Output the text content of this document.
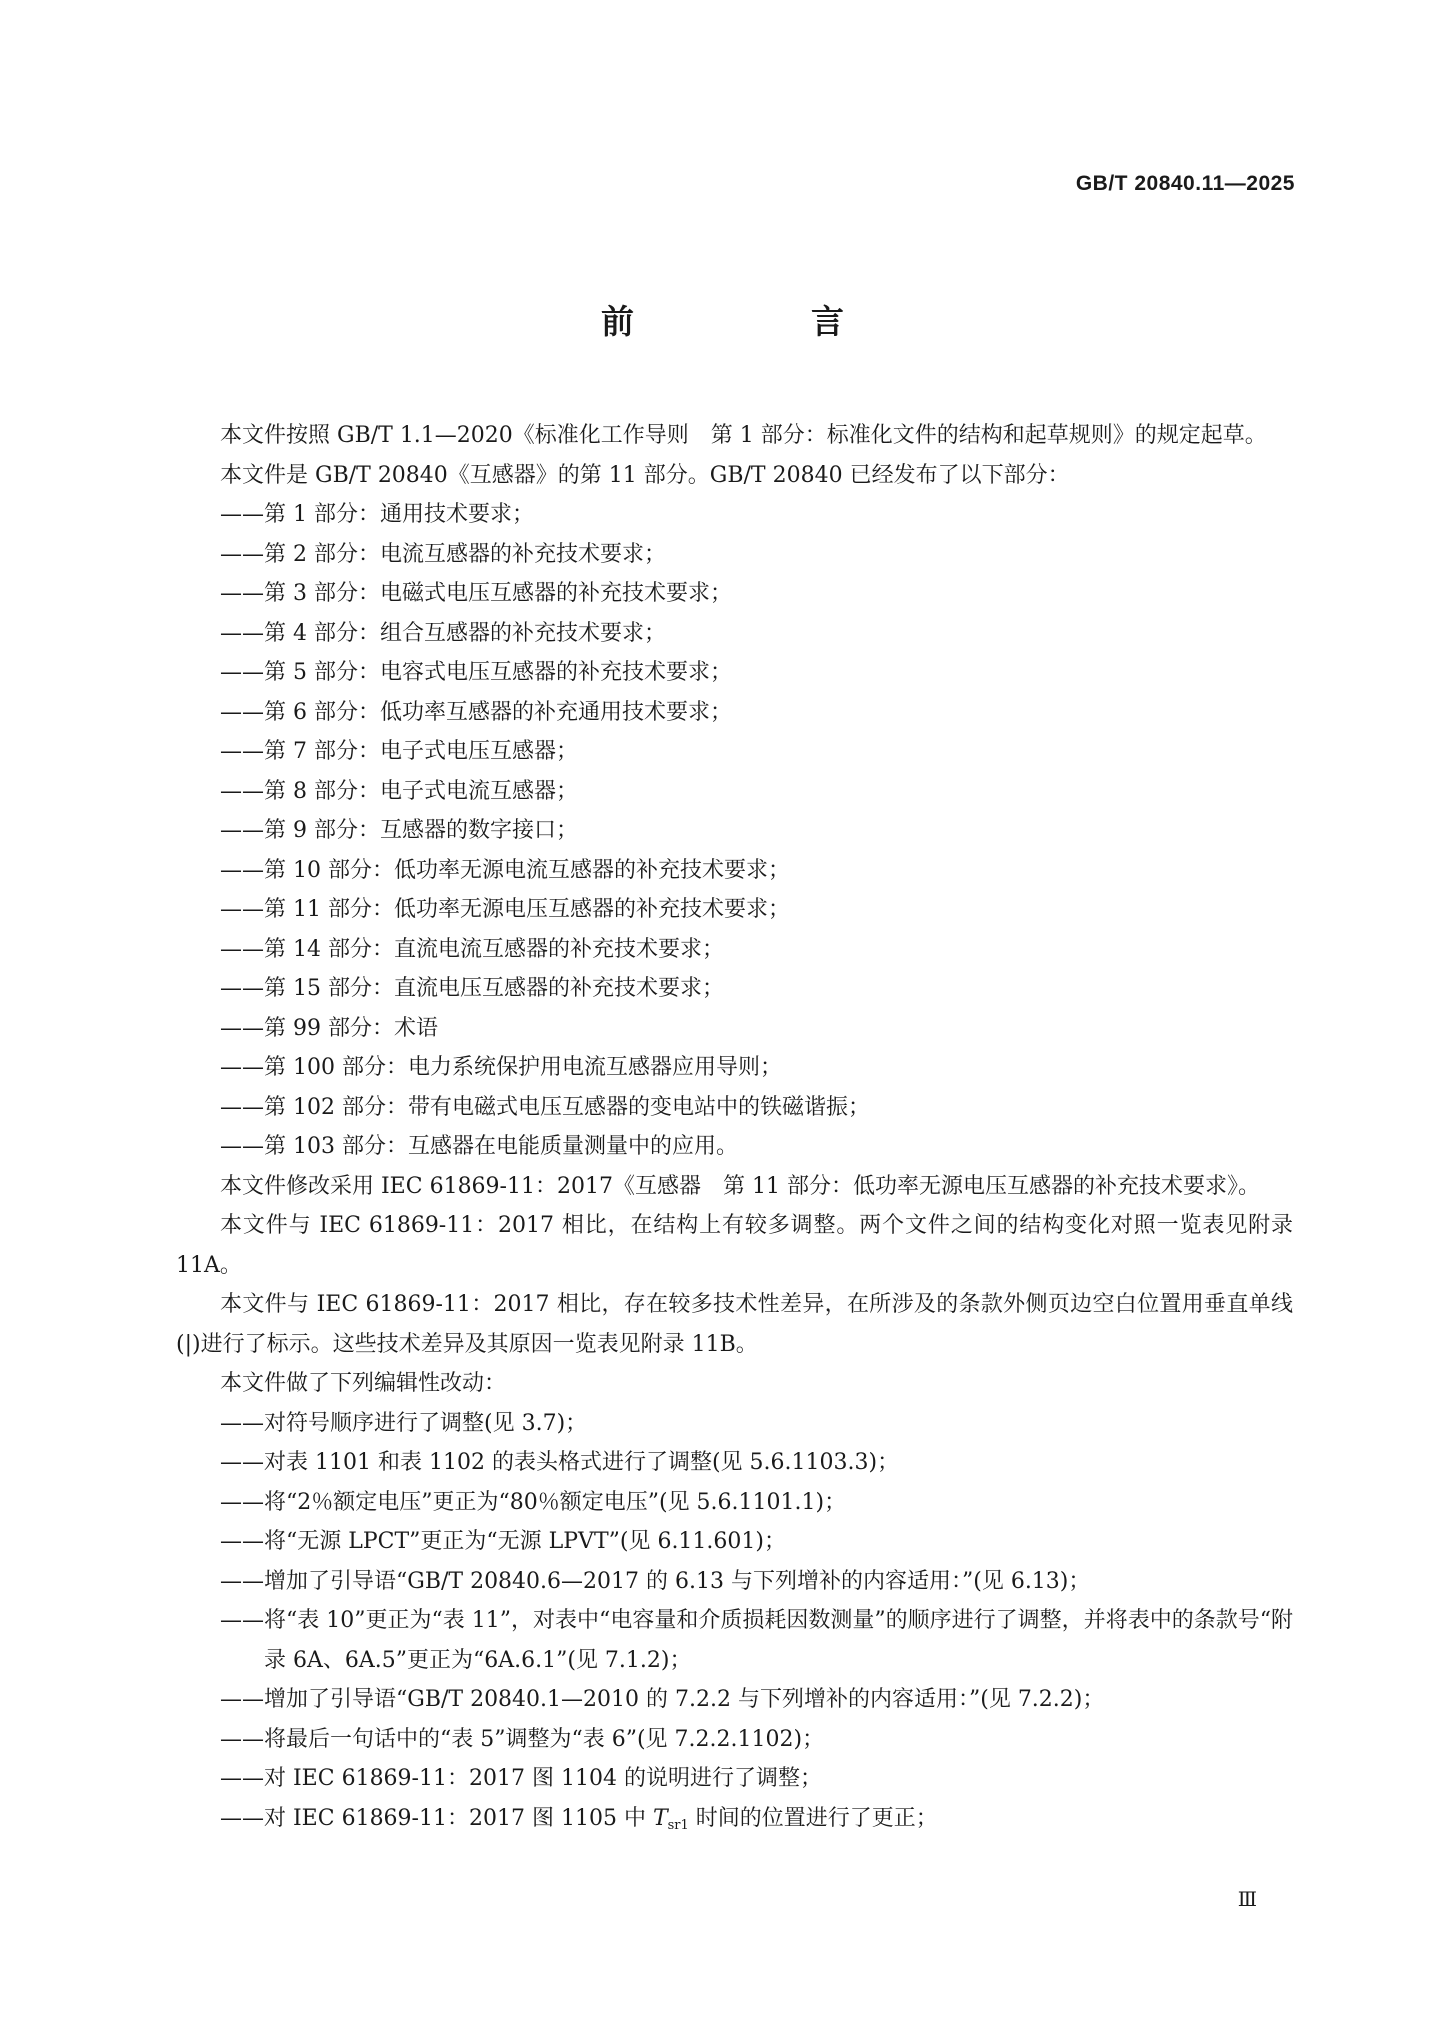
GB/T 20840.11—2025
前　言

本文件按照 GB/T 1.1—2020《标准化工作导则　第 1 部分：标准化文件的结构和起草规则》的规定起草。

本文件是 GB/T 20840《互感器》的第 11 部分。GB/T 20840 已经发布了以下部分：

——第 1 部分：通用技术要求；

——第 2 部分：电流互感器的补充技术要求；

——第 3 部分：电磁式电压互感器的补充技术要求；

——第 4 部分：组合互感器的补充技术要求；

——第 5 部分：电容式电压互感器的补充技术要求；

——第 6 部分：低功率互感器的补充通用技术要求；

——第 7 部分：电子式电压互感器；

——第 8 部分：电子式电流互感器；

——第 9 部分：互感器的数字接口；

——第 10 部分：低功率无源电流互感器的补充技术要求；

——第 11 部分：低功率无源电压互感器的补充技术要求；

——第 14 部分：直流电流互感器的补充技术要求；

——第 15 部分：直流电压互感器的补充技术要求；

——第 99 部分：术语

——第 100 部分：电力系统保护用电流互感器应用导则；

——第 102 部分：带有电磁式电压互感器的变电站中的铁磁谐振；

——第 103 部分：互感器在电能质量测量中的应用。

本文件修改采用 IEC 61869-11：2017《互感器　第 11 部分：低功率无源电压互感器的补充技术要求》。

本文件与 IEC 61869-11：2017 相比，在结构上有较多调整。两个文件之间的结构变化对照一览表见附录 11A。

本文件与 IEC 61869-11：2017 相比，存在较多技术性差异，在所涉及的条款外侧页边空白位置用垂直单线(|)进行了标示。这些技术差异及其原因一览表见附录 11B。

本文件做了下列编辑性改动：

——对符号顺序进行了调整(见 3.7)；

——对表 1101 和表 1102 的表头格式进行了调整(见 5.6.1103.3)；

——将“2％额定电压”更正为“80％额定电压”(见 5.6.1101.1)；

——将“无源 LPCT”更正为“无源 LPVT”(见 6.11.601)；

——增加了引导语“GB/T 20840.6—2017 的 6.13 与下列增补的内容适用：”(见 6.13)；

——将“表 10”更正为“表 11”，对表中“电容量和介质损耗因数测量”的顺序进行了调整，并将表中的条款号“附录 6A、6A.5”更正为“6A.6.1”(见 7.1.2)；

——增加了引导语“GB/T 20840.1—2010 的 7.2.2 与下列增补的内容适用：”(见 7.2.2)；

——将最后一句话中的“表 5”调整为“表 6”(见 7.2.2.1102)；

——对 IEC 61869-11：2017 图 1104 的说明进行了调整；

——对 IEC 61869-11：2017 图 1105 中 $T_{sr1}$ 时间的位置进行了更正；

Ⅲ
